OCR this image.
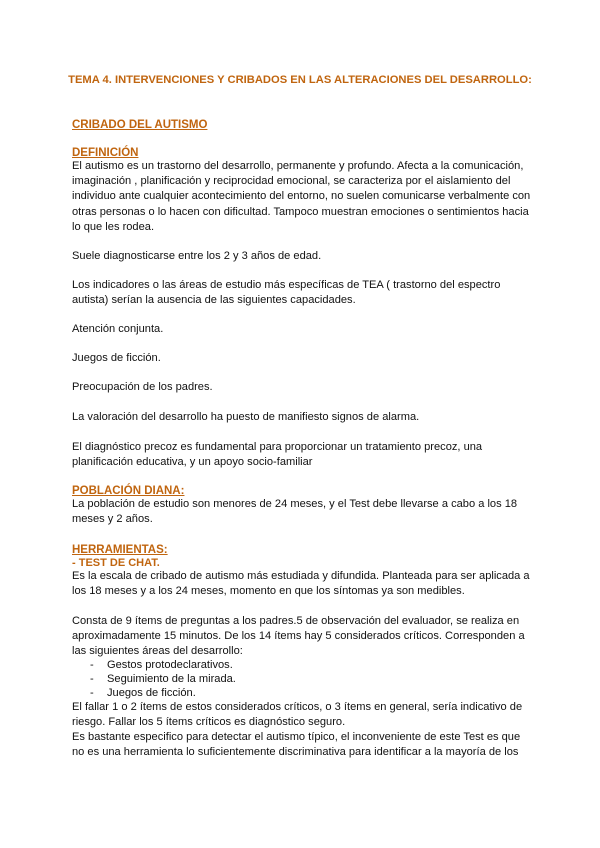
TEMA 4. INTERVENCIONES Y CRIBADOS EN LAS ALTERACIONES DEL DESARROLLO:

CRIBADO DEL AUTISMO

DEFINICIÓN

El autismo es un trastorno del desarrollo, permanente y profundo. Afecta a la comunicación, imaginación , planificación y reciprocidad emocional, se caracteriza por el aislamiento del individuo ante cualquier acontecimiento del entorno, no suelen comunicarse verbalmente con otras personas o lo hacen con dificultad. Tampoco muestran emociones o sentimientos hacia lo que les rodea.

Suele diagnosticarse entre los 2 y 3 años de edad.

Los indicadores o las áreas de estudio más específicas de TEA ( trastorno del espectro autista) serían la ausencia de las siguientes capacidades.

Atención conjunta.

Juegos de ficción.

Preocupación de los padres.

La valoración del desarrollo ha puesto de manifiesto signos de alarma.

El diagnóstico precoz es fundamental para proporcionar un tratamiento precoz, una planificación educativa, y un apoyo socio-familiar

POBLACIÓN DIANA:

La población de estudio son menores de 24 meses, y el Test debe llevarse a cabo a los 18 meses y 2 años.

HERRAMIENTAS:

- TEST DE CHAT.

Es la escala de cribado de autismo más estudiada y difundida. Planteada para ser aplicada a los 18 meses y a los 24 meses, momento en que los síntomas ya son medibles.

Consta de 9 ítems de preguntas a los padres.5 de observación del evaluador, se realiza en aproximadamente 15 minutos. De los 14 ítems hay 5 considerados críticos. Corresponden a las siguientes áreas del desarrollo:

- Gestos protodeclarativos.
- Seguimiento de la mirada.
- Juegos de ficción.

El fallar 1 o 2 ítems de estos considerados críticos, o 3 ítems en general, sería indicativo de riesgo. Fallar los 5 ítems críticos es diagnóstico seguro.

Es bastante especifico para detectar el autismo típico, el inconveniente de este Test es que no es una herramienta lo suficientemente discriminativa para identificar a la mayoría de los
